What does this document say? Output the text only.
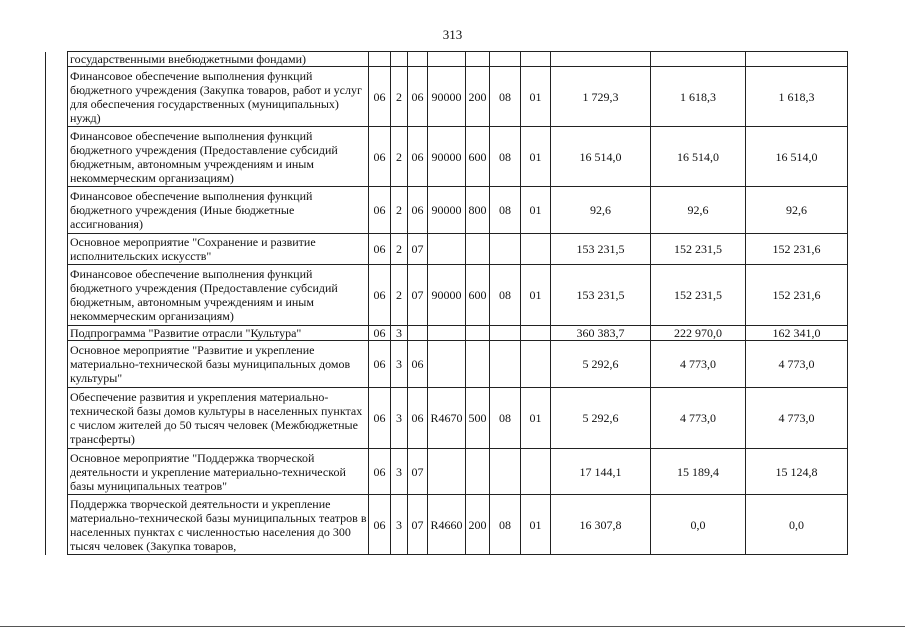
313
	государственными внебюджетными фондами)										
	Финансовое обеспечение выполнения функций бюджетного учреждения (Закупка товаров, работ и услуг для обеспечения государственных (муниципальных) нужд)	06	2	06	90000	200	08	01	1 729,3	1 618,3	1 618,3
	Финансовое обеспечение выполнения функций бюджетного учреждения (Предоставление субсидий бюджетным, автономным учреждениям и иным некоммерческим организациям)	06	2	06	90000	600	08	01	16 514,0	16 514,0	16 514,0
	Финансовое обеспечение выполнения функций бюджетного учреждения (Иные бюджетные ассигнования)	06	2	06	90000	800	08	01	92,6	92,6	92,6
	Основное мероприятие "Сохранение и развитие исполнительских искусств"	06	2	07					153 231,5	152 231,5	152 231,6
	Финансовое обеспечение выполнения функций бюджетного учреждения (Предоставление субсидий бюджетным, автономным учреждениям и иным некоммерческим организациям)	06	2	07	90000	600	08	01	153 231,5	152 231,5	152 231,6
	Подпрограмма "Развитие отрасли "Культура"	06	3						360 383,7	222 970,0	162 341,0
	Основное мероприятие "Развитие и укрепление материально-технической базы муниципальных домов культуры"	06	3	06					5 292,6	4 773,0	4 773,0
	Обеспечение развития и укрепления материально-технической базы домов культуры в населенных пунктах с числом жителей до 50 тысяч человек (Межбюджетные трансферты)	06	3	06	R4670	500	08	01	5 292,6	4 773,0	4 773,0
	Основное мероприятие "Поддержка творческой деятельности и укрепление материально-технической базы муниципальных театров"	06	3	07					17 144,1	15 189,4	15 124,8
	Поддержка творческой деятельности и укрепление материально-технической базы муниципальных театров в населенных пунктах с численностью населения до 300 тысяч человек (Закупка товаров,	06	3	07	R4660	200	08	01	16 307,8	0,0	0,0
